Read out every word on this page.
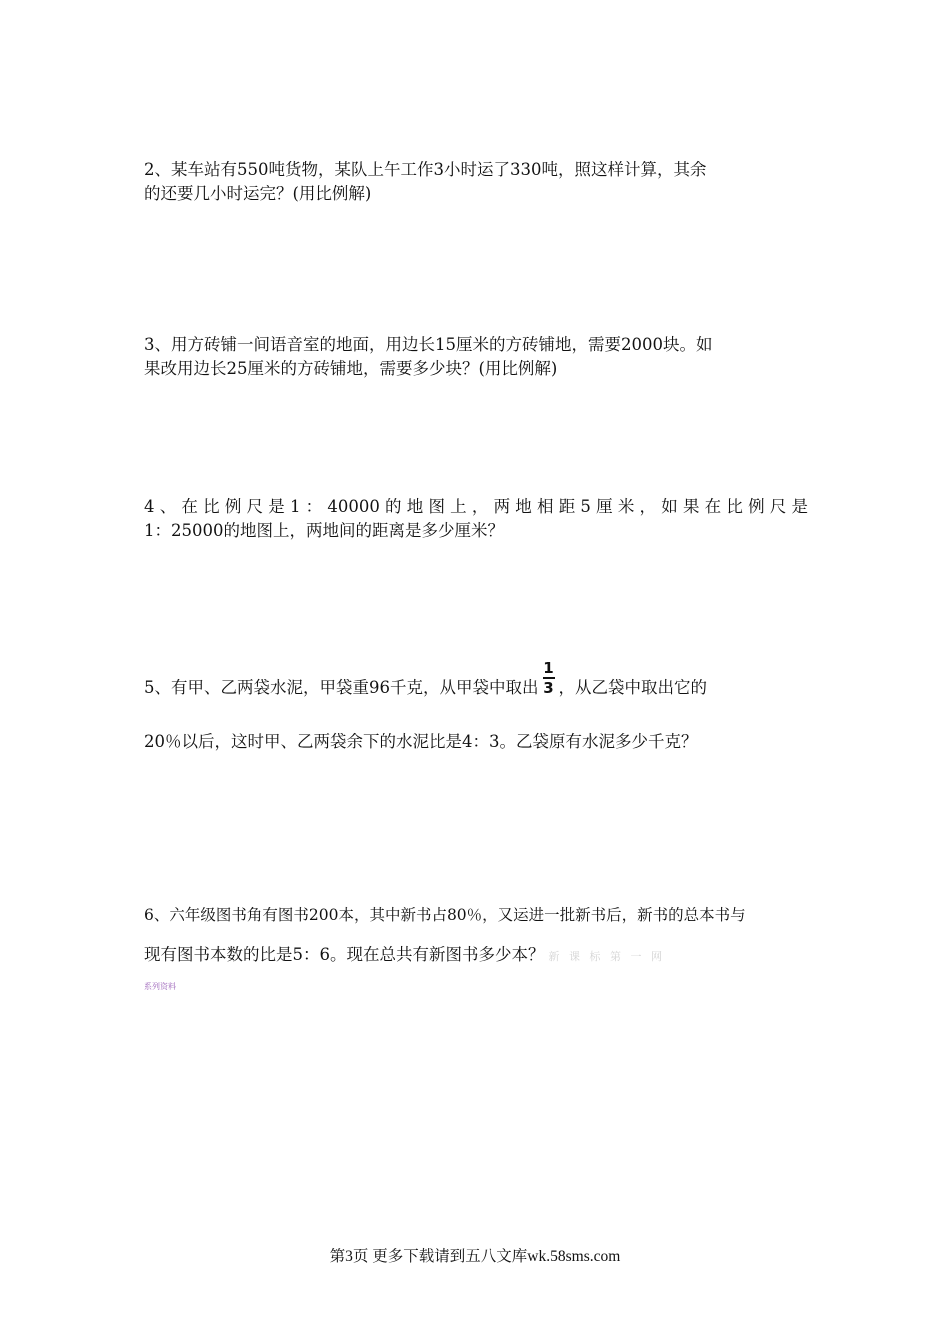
2、某车站有550吨货物，某队上午工作3小时运了330吨，照这样计算，其余

的还要几小时运完？(用比例解)

3、用方砖铺一间语音室的地面，用边长15厘米的方砖铺地，需要2000块。如

果改用边长25厘米的方砖铺地，需要多少块？(用比例解)

4、在比例尺是1：40000的地图上，两地相距5厘米，如果在比例尺是

1：25000的地图上，两地间的距离是多少厘米？

5、有甲、乙两袋水泥，甲袋重96千克，从甲袋中取出 $\frac{1}{3}$ ，从乙袋中取出它的

20％以后，这时甲、乙两袋余下的水泥比是4：3。乙袋原有水泥多少千克？

6、六年级图书角有图书200本，其中新书占80％，又运进一批新书后，新书的总本书与

现有图书本数的比是5：6。现在总共有新图书多少本？ 新 课 标 第 一 网

系列资料
第3页 更多下载请到五八文库wk.58sms.com
